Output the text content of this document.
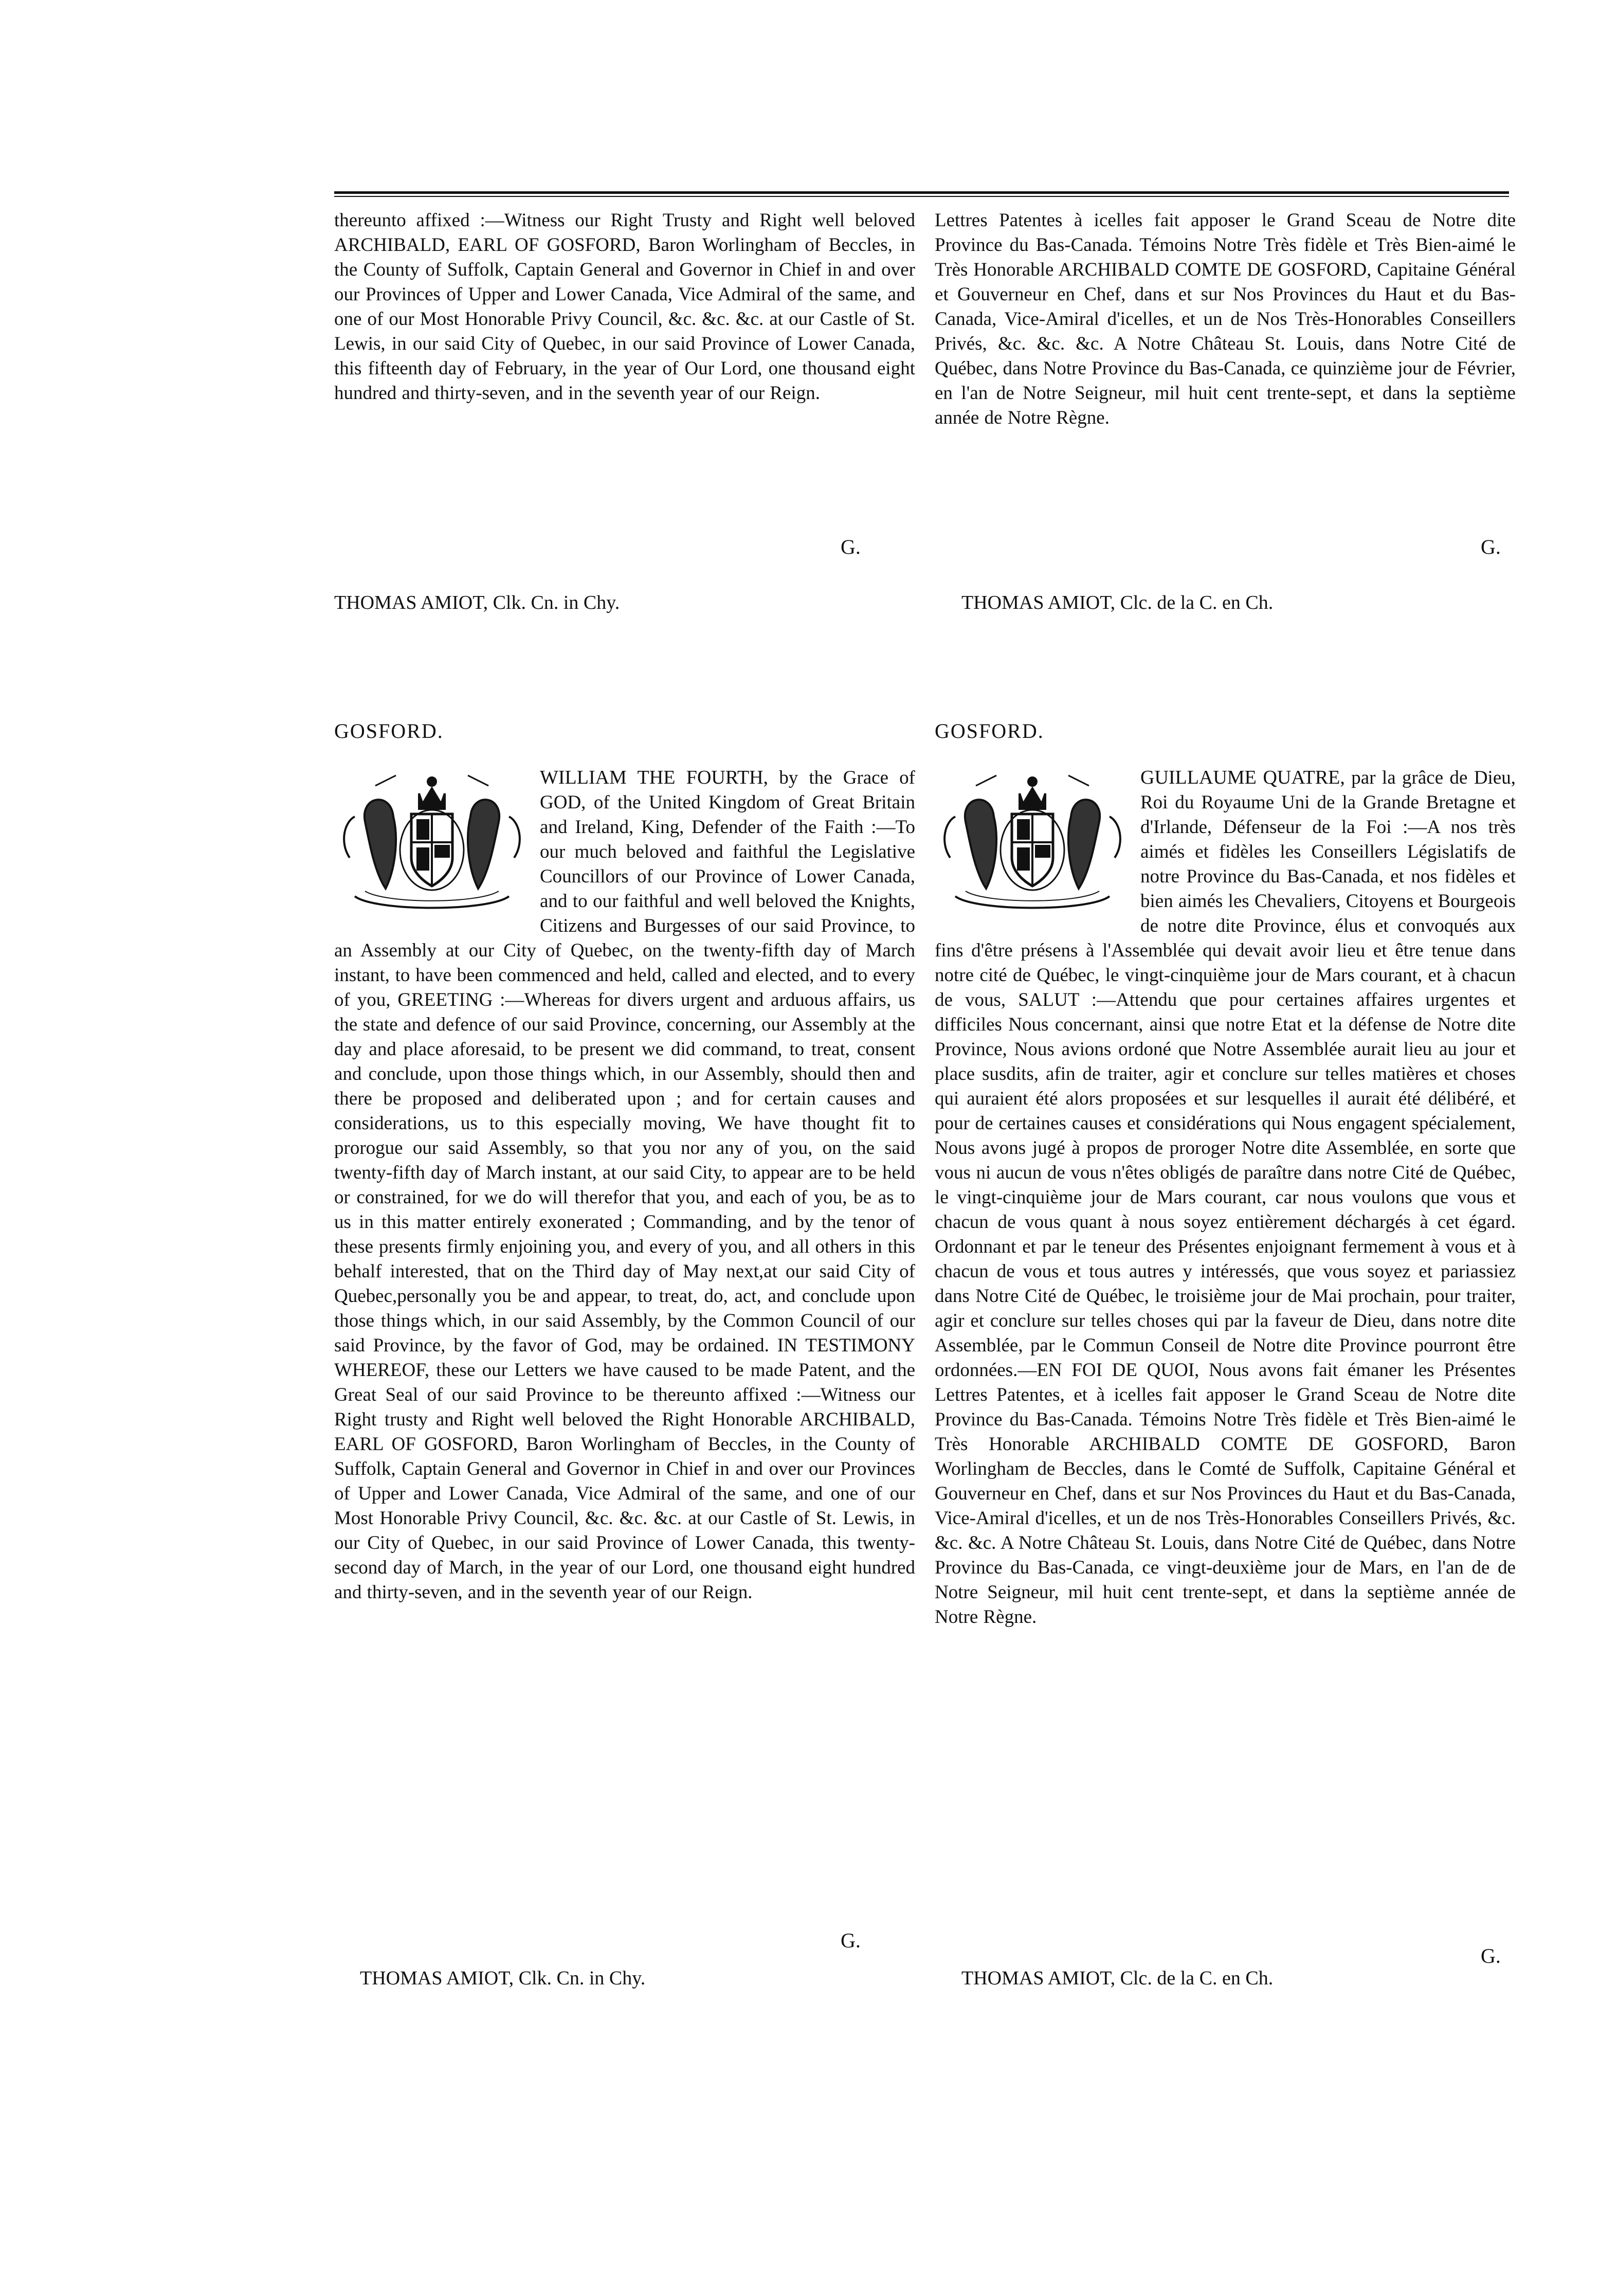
thereunto affixed :—Witness our Right Trusty and Right well beloved ARCHIBALD, EARL OF GOSFORD, Baron Worlingham of Beccles, in the County of Suffolk, Captain General and Governor in Chief in and over our Provinces of Upper and Lower Canada, Vice Admiral of the same, and one of our Most Honorable Privy Council, &c. &c. &c. at our Castle of St. Lewis, in our said City of Quebec, in our said Province of Lower Canada, this fifteenth day of February, in the year of Our Lord, one thousand eight hundred and thirty-seven, and in the seventh year of our Reign.

G.
THOMAS AMIOT, Clk. Cn. in Chy.

Lettres Patentes à icelles fait apposer le Grand Sceau de Notre dite Province du Bas-Canada. Témoins Notre Très fidèle et Très Bien-aimé le Très Honorable ARCHIBALD COMTE DE GOSFORD, Capitaine Général et Gouverneur en Chef, dans et sur Nos Provinces du Haut et du Bas-Canada, Vice-Amiral d'icelles, et un de Nos Très-Honorables Conseillers Privés, &c. &c. &c. A Notre Château St. Louis, dans Notre Cité de Québec, dans Notre Province du Bas-Canada, ce quinzième jour de Février, en l'an de Notre Seigneur, mil huit cent trente-sept, et dans la septième année de Notre Règne.

G.
THOMAS AMIOT, Clc. de la C. en Ch.
GOSFORD.	GOSFORD.

WILLIAM THE FOURTH, by the Grace of GOD, of the United Kingdom of Great Britain and Ireland, King, Defender of the Faith :—To our much beloved and faithful the Legislative Councillors of our Province of Lower Canada, and to our faithful and well beloved the Knights, Citizens and Burgesses of our said Province, to an Assembly at our City of Quebec, on the twenty-fifth day of March instant, to have been commenced and held, called and elected, and to every of you, GREETING :—Whereas for divers urgent and arduous affairs, us the state and defence of our said Province, concerning, our Assembly at the day and place aforesaid, to be present we did command, to treat, consent and conclude, upon those things which, in our Assembly, should then and there be proposed and deliberated upon ; and for certain causes and considerations, us to this especially moving, We have thought fit to prorogue our said Assembly, so that you nor any of you, on the said twenty-fifth day of March instant, at our said City, to appear are to be held or constrained, for we do will therefor that you, and each of you, be as to us in this matter entirely exonerated ; Commanding, and by the tenor of these presents firmly enjoining you, and every of you, and all others in this behalf interested, that on the Third day of May next,at our said City of Quebec,personally you be and appear, to treat, do, act, and conclude upon those things which, in our said Assembly, by the Common Council of our said Province, by the favor of God, may be ordained. IN TESTIMONY WHEREOF, these our Letters we have caused to be made Patent, and the Great Seal of our said Province to be thereunto affixed :—Witness our Right trusty and Right well beloved the Right Honorable ARCHIBALD, EARL OF GOSFORD, Baron Worlingham of Beccles, in the County of Suffolk, Captain General and Governor in Chief in and over our Provinces of Upper and Lower Canada, Vice Admiral of the same, and one of our Most Honorable Privy Council, &c. &c. &c. at our Castle of St. Lewis, in our City of Quebec, in our said Province of Lower Canada, this twenty-second day of March, in the year of our Lord, one thousand eight hundred and thirty-seven, and in the seventh year of our Reign.

G.
THOMAS AMIOT, Clk. Cn. in Chy.

GUILLAUME QUATRE, par la grâce de Dieu, Roi du Royaume Uni de la Grande Bretagne et d'Irlande, Défenseur de la Foi :—A nos très aimés et fidèles les Conseillers Législatifs de notre Province du Bas-Canada, et nos fidèles et bien aimés les Chevaliers, Citoyens et Bourgeois de notre dite Province, élus et convoqués aux fins d'être présens à l'Assemblée qui devait avoir lieu et être tenue dans notre cité de Québec, le vingt-cinquième jour de Mars courant, et à chacun de vous, SALUT :—Attendu que pour certaines affaires urgentes et difficiles Nous concernant, ainsi que notre Etat et la défense de Notre dite Province, Nous avions ordoné que Notre Assemblée aurait lieu au jour et place susdits, afin de traiter, agir et conclure sur telles matières et choses qui auraient été alors proposées et sur lesquelles il aurait été délibéré, et pour de certaines causes et considérations qui Nous engagent spécialement, Nous avons jugé à propos de proroger Notre dite Assemblée, en sorte que vous ni aucun de vous n'êtes obligés de paraître dans notre Cité de Québec, le vingt-cinquième jour de Mars courant, car nous voulons que vous et chacun de vous quant à nous soyez entièrement déchargés à cet égard. Ordonnant et par le teneur des Présentes enjoignant fermement à vous et à chacun de vous et tous autres y intéressés, que vous soyez et pariassiez dans Notre Cité de Québec, le troisième jour de Mai prochain, pour traiter, agir et conclure sur telles choses qui par la faveur de Dieu, dans notre dite Assemblée, par le Commun Conseil de Notre dite Province pourront être ordonnées.—EN FOI DE QUOI, Nous avons fait émaner les Présentes Lettres Patentes, et à icelles fait apposer le Grand Sceau de Notre dite Province du Bas-Canada. Témoins Notre Très fidèle et Très Bien-aimé le Très Honorable ARCHIBALD COMTE DE GOSFORD, Baron Worlingham de Beccles, dans le Comté de Suffolk, Capitaine Général et Gouverneur en Chef, dans et sur Nos Provinces du Haut et du Bas-Canada, Vice-Amiral d'icelles, et un de nos Très-Honorables Conseillers Privés, &c. &c. &c. A Notre Château St. Louis, dans Notre Cité de Québec, dans Notre Province du Bas-Canada, ce vingt-deuxième jour de Mars, en l'an de de Notre Seigneur, mil huit cent trente-sept, et dans la septième année de Notre Règne.

G.
THOMAS AMIOT, Clc. de la C. en Ch.
